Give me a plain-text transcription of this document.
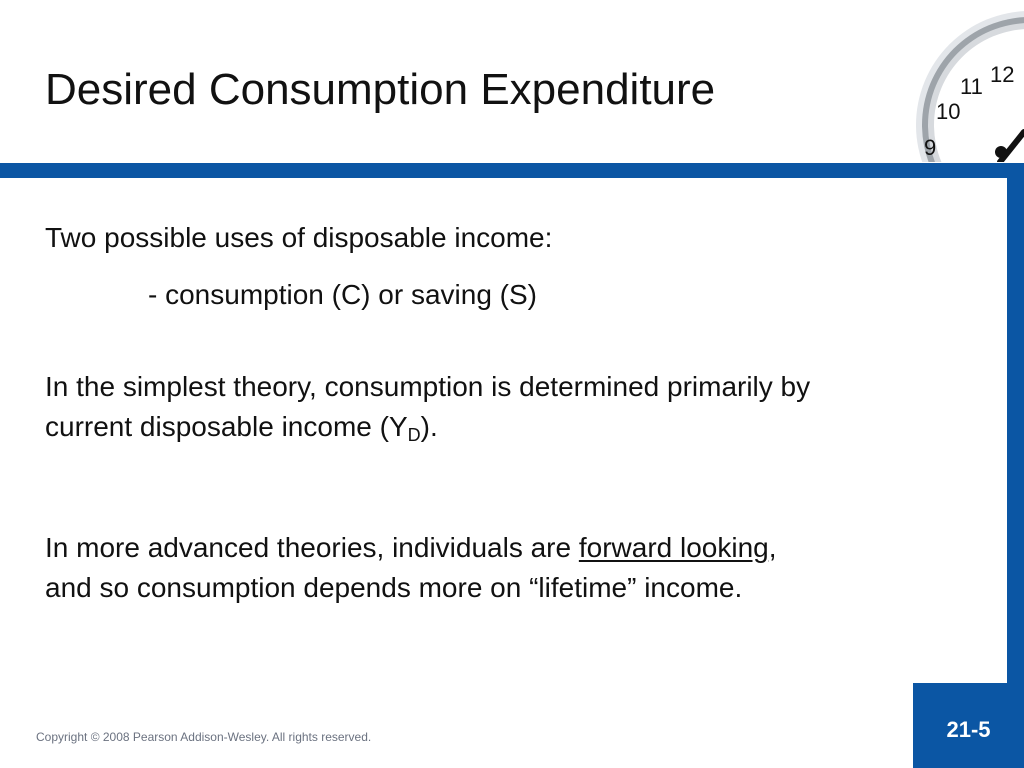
Desired Consumption Expenditure	12
11
10
9
Two possible uses of disposable income:
- consumption (C) or saving (S)
In the simplest theory, consumption is determined primarily by
current disposable income $(Y_D)$.
In more advanced theories, individuals are forward looking,
and so consumption depends more on “lifetime” income.
Copyright © 2008 Pearson Addison-Wesley. All rights reserved.	21-5
